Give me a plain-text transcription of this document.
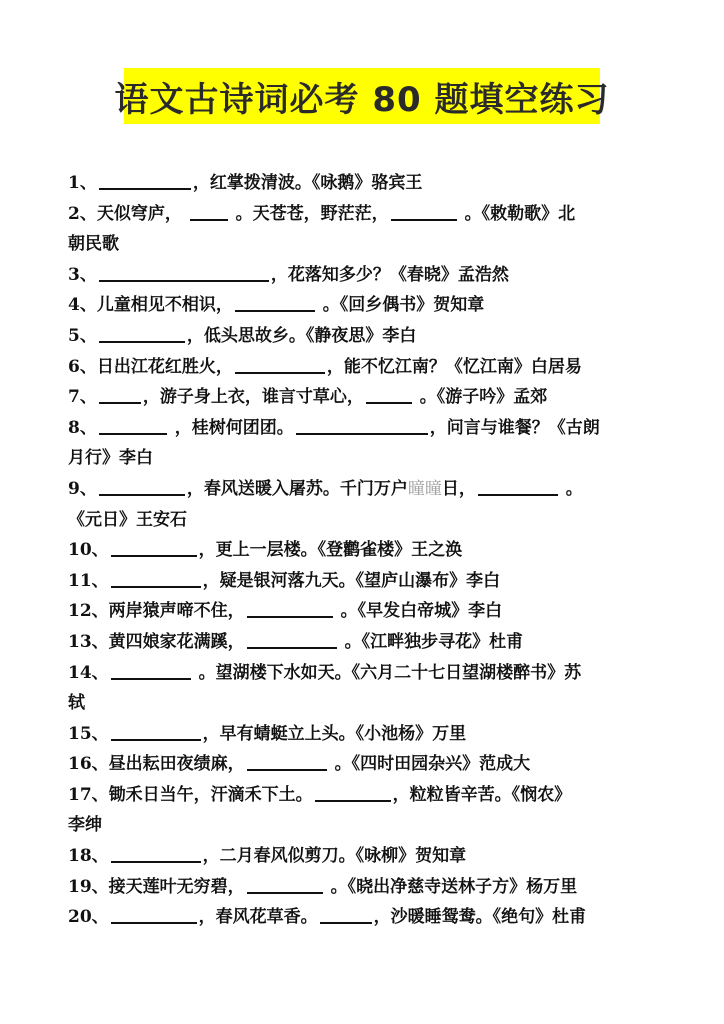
语文古诗词必考 80 题填空练习
1、	，红掌拨清波。《咏鹅》骆宾王
2、天似穹庐，  。天苍苍，野茫茫，	。《敕勒歌》北
朝民歌
3、	，花落知多少？《春晓》孟浩然
4、儿童相见不相识，	。《回乡偶书》贺知章
5、	，低头思故乡。《静夜思》李白
6、日出江花红胜火，	，能不忆江南？《忆江南》白居易
7、	，游子身上衣，谁言寸草心，	。《游子吟》孟郊
8、	，桂树何团团。	，问言与谁餐？《古朗
月行》李白
9、	，春风送暖入屠苏。千门万户曈曈日，	。
《元日》王安石
10、	，更上一层楼。《登鹳雀楼》王之涣
11、	，疑是银河落九天。《望庐山瀑布》李白
12、两岸猿声啼不住，	。《早发白帝城》李白
13、黄四娘家花满蹊，	。《江畔独步寻花》杜甫
14、	。望湖楼下水如天。《六月二十七日望湖楼醉书》苏
轼
15、	，早有蜻蜓立上头。《小池杨》万里
16、昼出耘田夜绩麻，	。《四时田园杂兴》范成大
17、锄禾日当午，汗滴禾下土。	，粒粒皆辛苦。《悯农》
李绅
18、	，二月春风似剪刀。《咏柳》贺知章
19、接天莲叶无穷碧，	。《晓出净慈寺送林子方》杨万里
20、	，春风花草香。	，沙暖睡鸳鸯。《绝句》杜甫
